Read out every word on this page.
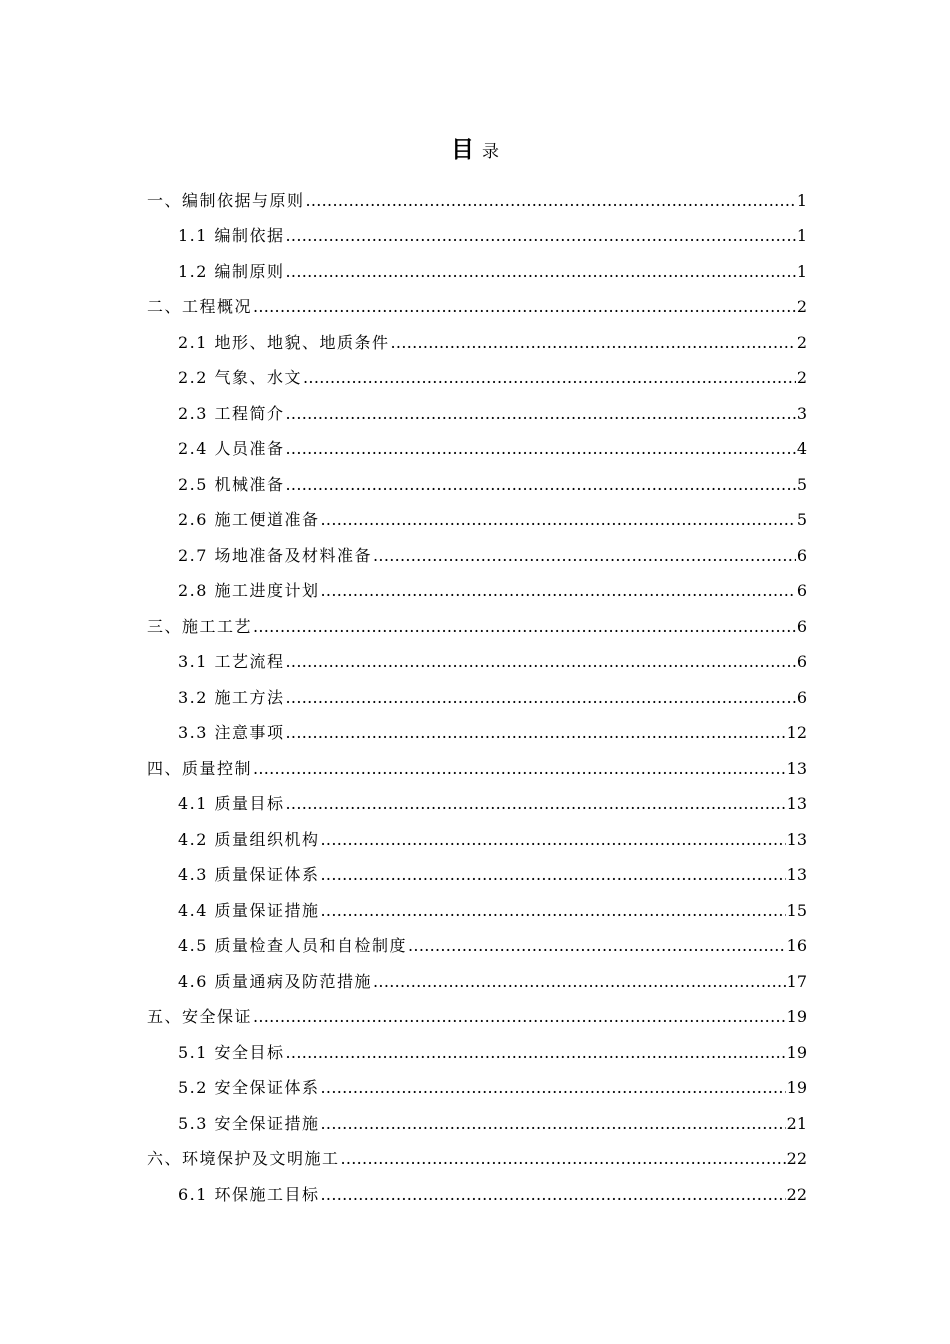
目 录
一、编制依据与原则 .....	1
1.1 编制依据 .....	1
1.2 编制原则 .....	1
二、工程概况 .....	2
2.1 地形、地貌、地质条件 .....	2
2.2 气象、水文 .....	2
2.3 工程简介 .....	3
2.4 人员准备 .....	4
2.5 机械准备 .....	5
2.6 施工便道准备 .....	5
2.7 场地准备及材料准备 .....	6
2.8 施工进度计划 .....	6
三、施工工艺 .....	6
3.1 工艺流程 .....	6
3.2 施工方法 .....	6
3.3 注意事项 .....	12
四、质量控制 .....	13
4.1 质量目标 .....	13
4.2 质量组织机构 .....	13
4.3 质量保证体系 .....	13
4.4 质量保证措施 .....	15
4.5 质量检查人员和自检制度 .....	16
4.6 质量通病及防范措施 .....	17
五、安全保证 .....	19
5.1 安全目标 .....	19
5.2 安全保证体系 .....	19
5.3 安全保证措施 .....	21
六、环境保护及文明施工 .....	22
6.1 环保施工目标 .....	22
